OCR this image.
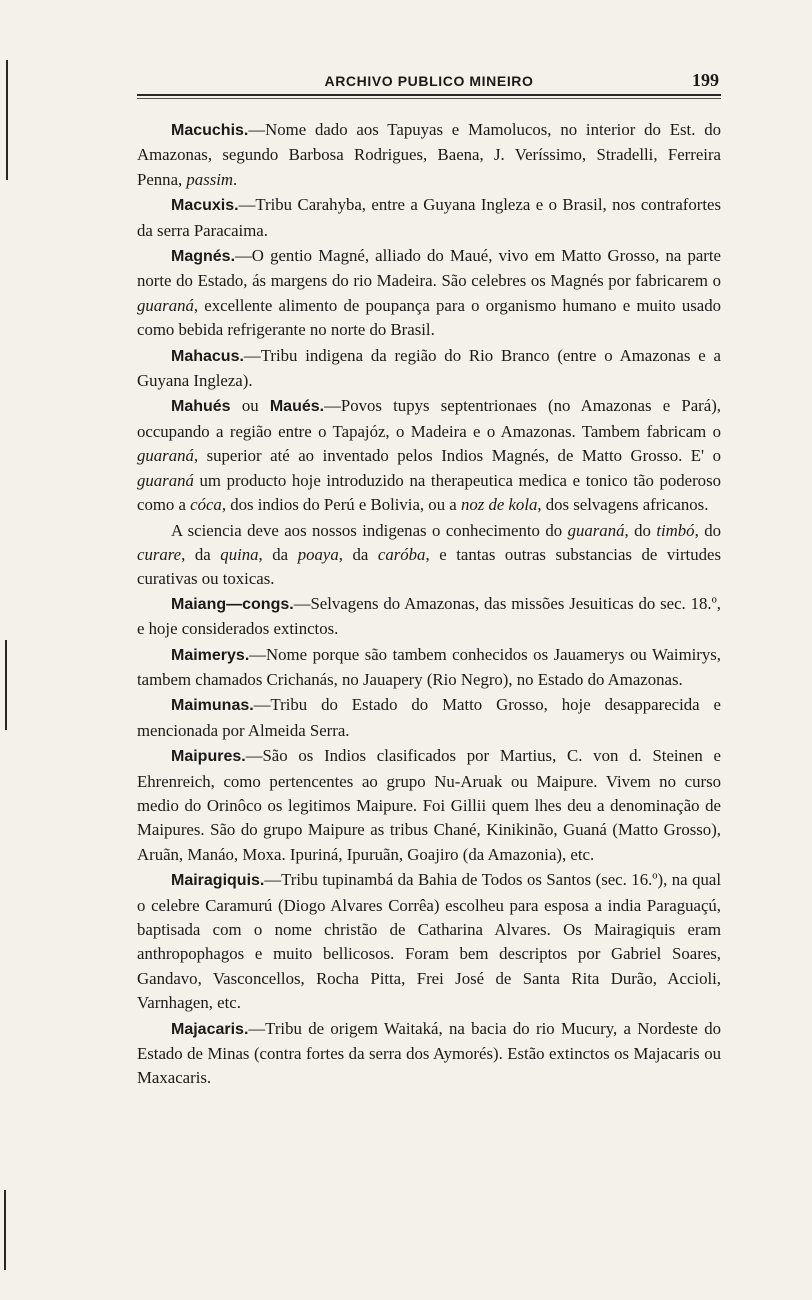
ARCHIVO PUBLICO MINEIRO	199

Macuchis.—Nome dado aos Tapuyas e Mamolucos, no interior do Est. do Amazonas, segundo Barbosa Rodrigues, Baena, J. Veríssimo, Stradelli, Ferreira Penna, passim.

Macuxis.—Tribu Carahyba, entre a Guyana Ingleza e o Brasil, nos contrafortes da serra Paracaima.

Magnés.—O gentio Magné, alliado do Maué, vivo em Matto Grosso, na parte norte do Estado, ás margens do rio Madeira. São celebres os Magnés por fabricarem o guaraná, excellente alimento de poupança para o organismo humano e muito usado como bebida refrigerante no norte do Brasil.

Mahacus.—Tribu indigena da região do Rio Branco (entre o Amazonas e a Guyana Ingleza).

Mahués ou Maués.—Povos tupys septentrionaes (no Amazonas e Pará), occupando a região entre o Tapajóz, o Madeira e o Amazonas. Tambem fabricam o guaraná, superior até ao inventado pelos Indios Magnés, de Matto Grosso. E' o guaraná um producto hoje introduzido na therapeutica medica e tonico tão poderoso como a cóca, dos indios do Perú e Bolivia, ou a noz de kola, dos selvagens africanos.

A sciencia deve aos nossos indigenas o conhecimento do guaraná, do timbó, do curare, da quina, da poaya, da caróba, e tantas outras substancias de virtudes curativas ou toxicas.

Maiang—congs.—Selvagens do Amazonas, das missões Jesuiticas do sec. 18.º, e hoje considerados extinctos.

Maimerys.—Nome porque são tambem conhecidos os Jauamerys ou Waimirys, tambem chamados Crichanás, no Jauapery (Rio Negro), no Estado do Amazonas.

Maimunas.—Tribu do Estado do Matto Grosso, hoje desapparecida e mencionada por Almeida Serra.

Maipures.—São os Indios clasificados por Martius, C. von d. Steinen e Ehrenreich, como pertencentes ao grupo Nu-Aruak ou Maipure. Vivem no curso medio do Orinôco os legitimos Maipure. Foi Gillii quem lhes deu a denominação de Maipures. São do grupo Maipure as tribus Chané, Kinikinão, Guaná (Matto Grosso), Aruãn, Manáo, Moxa. Ipuriná, Ipuruãn, Goajiro (da Amazonia), etc.

Mairagiquis.—Tribu tupinambá da Bahia de Todos os Santos (sec. 16.º), na qual o celebre Caramurú (Diogo Alvares Corrêa) escolheu para esposa a india Paraguaçú, baptisada com o nome christão de Catharina Alvares. Os Mairagiquis eram anthropophagos e muito bellicosos. Foram bem descriptos por Gabriel Soares, Gandavo, Vasconcellos, Rocha Pitta, Frei José de Santa Rita Durão, Accioli, Varnhagen, etc.

Majacaris.—Tribu de origem Waitaká, na bacia do rio Mucury, a Nordeste do Estado de Minas (contra fortes da serra dos Aymorés). Estão extinctos os Majacaris ou Maxacaris.
